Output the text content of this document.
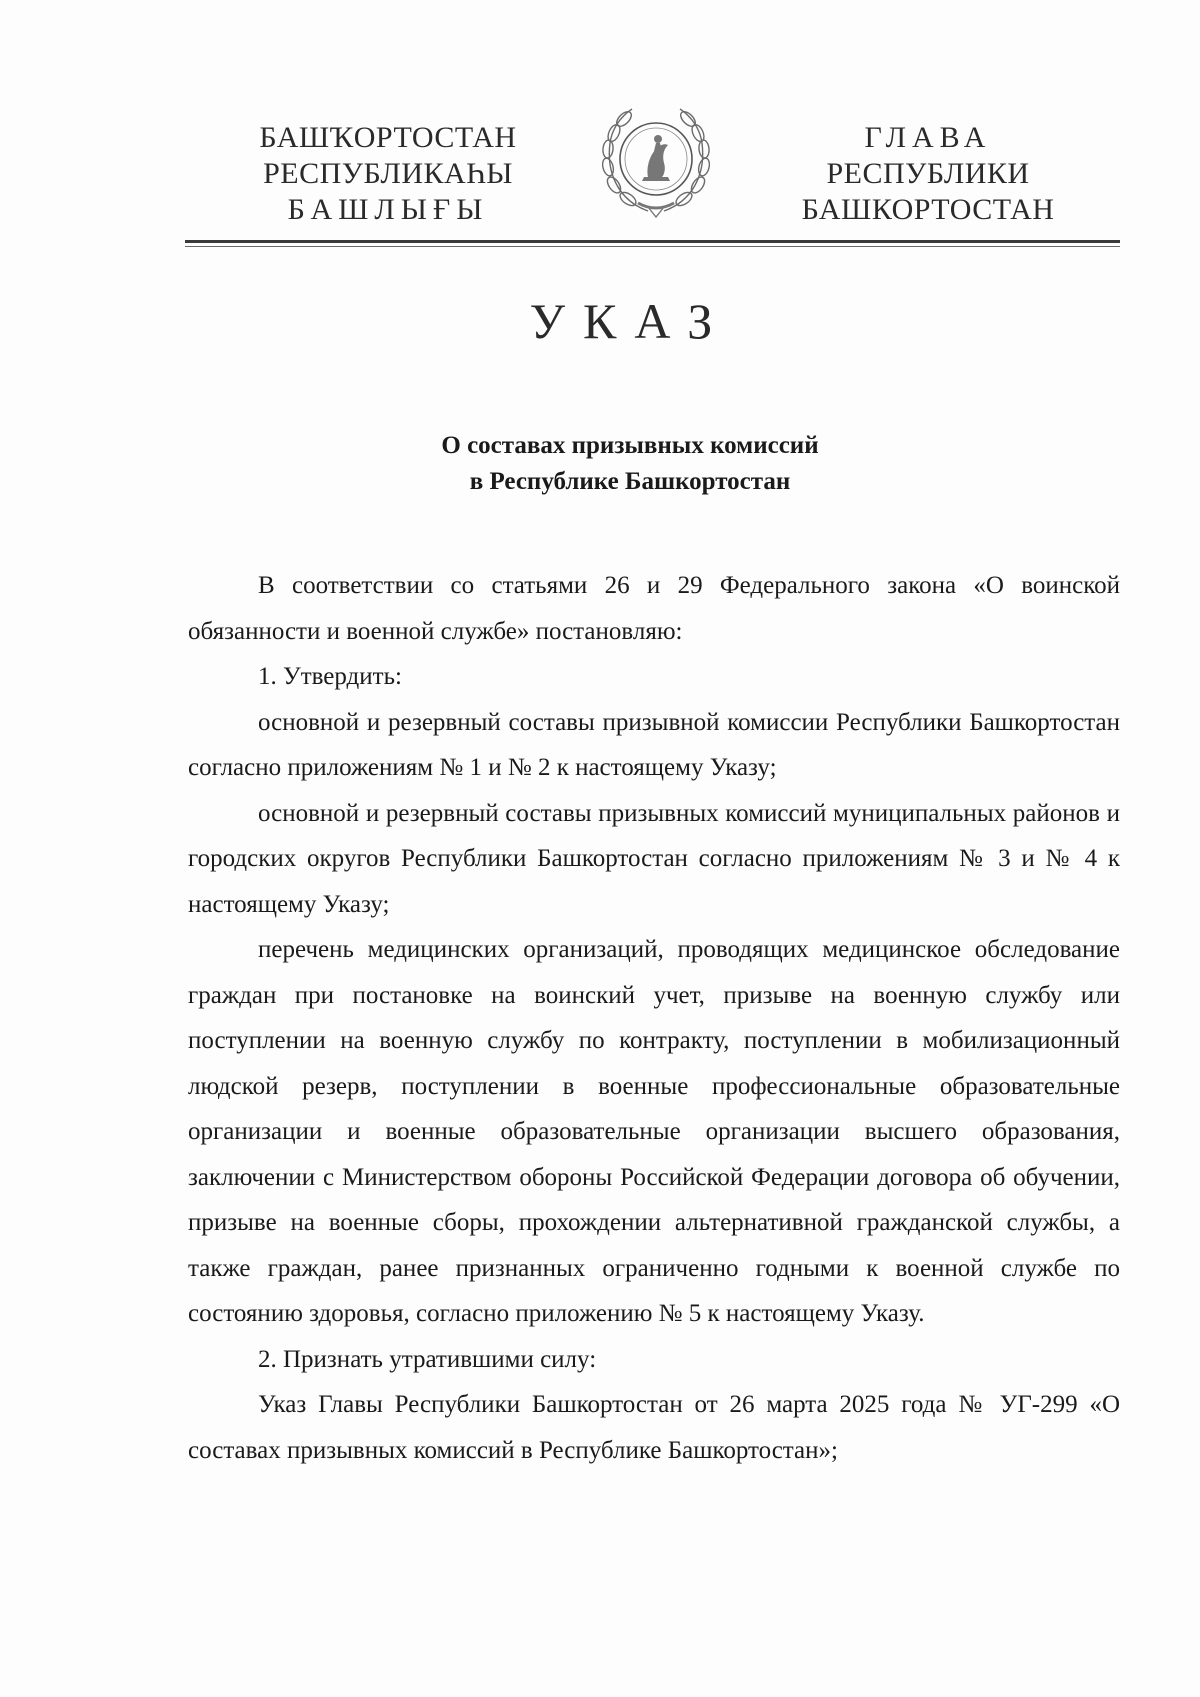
БАШҠОРТОСТАН
РЕСПУБЛИКАҺЫ
БАШЛЫҒЫ
ГЛАВА
РЕСПУБЛИКИ
БАШКОРТОСТАН
УКАЗ
О составах призывных комиссий
в Республике Башкортостан

В соответствии со статьями 26 и 29 Федерального закона «О воинской обязанности и военной службе» постановляю:

1. Утвердить:

основной и резервный составы призывной комиссии Республики Башкортостан согласно приложениям № 1 и № 2 к настоящему Указу;

основной и резервный составы призывных комиссий муниципальных районов и городских округов Республики Башкортостан согласно приложениям № 3 и № 4 к настоящему Указу;

перечень медицинских организаций, проводящих медицинское обследование граждан при постановке на воинский учет, призыве на военную службу или поступлении на военную службу по контракту, поступлении в мобилизационный людской резерв, поступлении в военные профессиональные образовательные организации и военные образовательные организации высшего образования, заключении с Министерством обороны Российской Федерации договора об обучении, призыве на военные сборы, прохождении альтернативной гражданской службы, а также граждан, ранее признанных ограниченно годными к военной службе по состоянию здоровья, согласно приложению № 5 к настоящему Указу.

2. Признать утратившими силу:

Указ Главы Республики Башкортостан от 26 марта 2025 года № УГ-299 «О составах призывных комиссий в Республике Башкортостан»;
